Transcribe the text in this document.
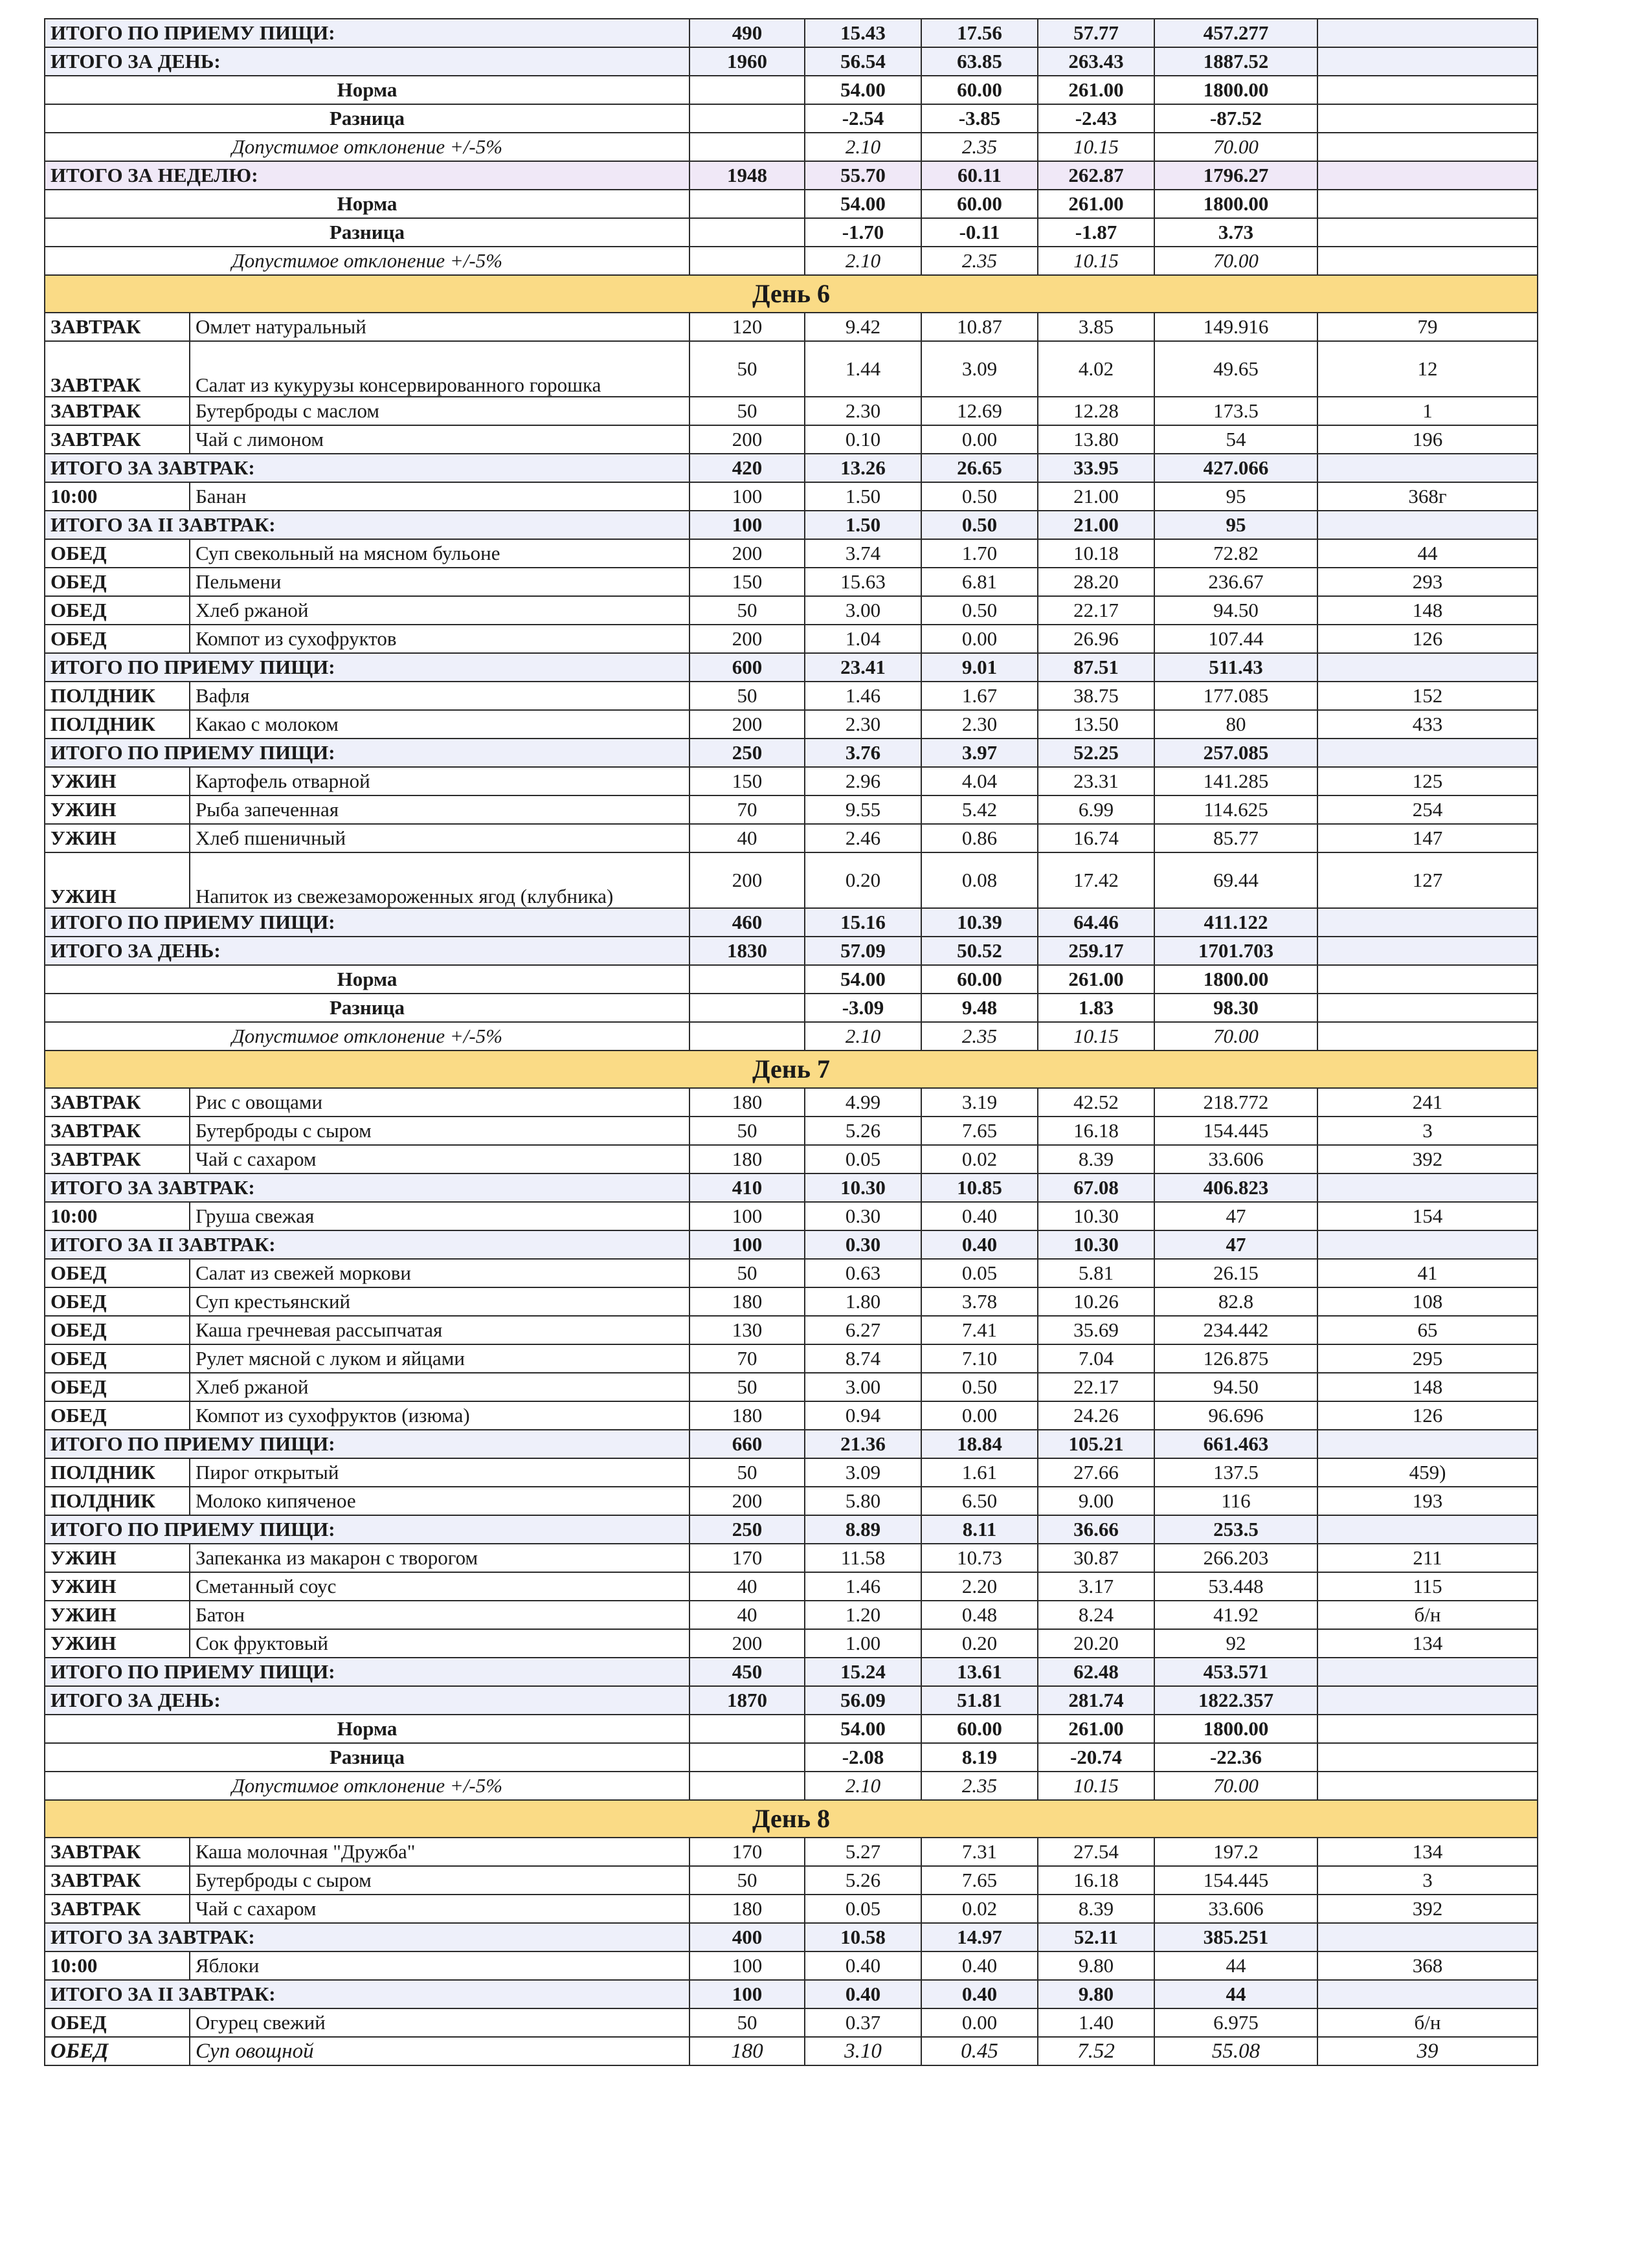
ИТОГО ПО ПРИЕМУ ПИЩИ:		490	15.43	17.56	57.77	457.277	
ИТОГО ЗА ДЕНЬ:		1960	56.54	63.85	263.43	1887.52	
Норма			54.00	60.00	261.00	1800.00	
Разница			-2.54	-3.85	-2.43	-87.52	
Допустимое отклонение +/-5%			2.10	2.35	10.15	70.00	
ИТОГО ЗА НЕДЕЛЮ:		1948	55.70	60.11	262.87	1796.27	
Норма			54.00	60.00	261.00	1800.00	
Разница			-1.70	-0.11	-1.87	3.73	
Допустимое отклонение +/-5%			2.10	2.35	10.15	70.00	
День 6							
ЗАВТРАК	Омлет натуральный	120	9.42	10.87	3.85	149.916	79
ЗАВТРАК	Салат из кукурузы консервированного горошка	50	1.44	3.09	4.02	49.65	12
ЗАВТРАК	Бутерброды с маслом	50	2.30	12.69	12.28	173.5	1
ЗАВТРАК	Чай с лимоном	200	0.10	0.00	13.80	54	196
ИТОГО ЗА ЗАВТРАК:		420	13.26	26.65	33.95	427.066	
10:00	Банан	100	1.50	0.50	21.00	95	368г
ИТОГО ЗА II ЗАВТРАК:		100	1.50	0.50	21.00	95	
ОБЕД	Суп свекольный на мясном бульоне	200	3.74	1.70	10.18	72.82	44
ОБЕД	Пельмени	150	15.63	6.81	28.20	236.67	293
ОБЕД	Хлеб ржаной	50	3.00	0.50	22.17	94.50	148
ОБЕД	Компот из сухофруктов	200	1.04	0.00	26.96	107.44	126
ИТОГО ПО ПРИЕМУ ПИЩИ:		600	23.41	9.01	87.51	511.43	
ПОЛДНИК	Вафля	50	1.46	1.67	38.75	177.085	152
ПОЛДНИК	Какао с молоком	200	2.30	2.30	13.50	80	433
ИТОГО ПО ПРИЕМУ ПИЩИ:		250	3.76	3.97	52.25	257.085	
УЖИН	Картофель отварной	150	2.96	4.04	23.31	141.285	125
УЖИН	Рыба запеченная	70	9.55	5.42	6.99	114.625	254
УЖИН	Хлеб пшеничный	40	2.46	0.86	16.74	85.77	147
УЖИН	Напиток из свежезамороженных ягод (клубника)	200	0.20	0.08	17.42	69.44	127
ИТОГО ПО ПРИЕМУ ПИЩИ:		460	15.16	10.39	64.46	411.122	
ИТОГО ЗА ДЕНЬ:		1830	57.09	50.52	259.17	1701.703	
Норма			54.00	60.00	261.00	1800.00	
Разница			-3.09	9.48	1.83	98.30	
Допустимое отклонение +/-5%			2.10	2.35	10.15	70.00	
День 7							
ЗАВТРАК	Рис с овощами	180	4.99	3.19	42.52	218.772	241
ЗАВТРАК	Бутерброды с сыром	50	5.26	7.65	16.18	154.445	3
ЗАВТРАК	Чай с сахаром	180	0.05	0.02	8.39	33.606	392
ИТОГО ЗА ЗАВТРАК:		410	10.30	10.85	67.08	406.823	
10:00	Груша свежая	100	0.30	0.40	10.30	47	154
ИТОГО ЗА II ЗАВТРАК:		100	0.30	0.40	10.30	47	
ОБЕД	Салат из свежей моркови	50	0.63	0.05	5.81	26.15	41
ОБЕД	Суп крестьянский	180	1.80	3.78	10.26	82.8	108
ОБЕД	Каша гречневая рассыпчатая	130	6.27	7.41	35.69	234.442	65
ОБЕД	Рулет мясной с луком и яйцами	70	8.74	7.10	7.04	126.875	295
ОБЕД	Хлеб ржаной	50	3.00	0.50	22.17	94.50	148
ОБЕД	Компот из сухофруктов (изюма)	180	0.94	0.00	24.26	96.696	126
ИТОГО ПО ПРИЕМУ ПИЩИ:		660	21.36	18.84	105.21	661.463	
ПОЛДНИК	Пирог открытый	50	3.09	1.61	27.66	137.5	459)
ПОЛДНИК	Молоко кипяченое	200	5.80	6.50	9.00	116	193
ИТОГО ПО ПРИЕМУ ПИЩИ:		250	8.89	8.11	36.66	253.5	
УЖИН	Запеканка из макарон с творогом	170	11.58	10.73	30.87	266.203	211
УЖИН	Сметанный соус	40	1.46	2.20	3.17	53.448	115
УЖИН	Батон	40	1.20	0.48	8.24	41.92	б/н
УЖИН	Сок фруктовый	200	1.00	0.20	20.20	92	134
ИТОГО ПО ПРИЕМУ ПИЩИ:		450	15.24	13.61	62.48	453.571	
ИТОГО ЗА ДЕНЬ:		1870	56.09	51.81	281.74	1822.357	
Норма			54.00	60.00	261.00	1800.00	
Разница			-2.08	8.19	-20.74	-22.36	
Допустимое отклонение +/-5%			2.10	2.35	10.15	70.00	
День 8							
ЗАВТРАК	Каша молочная "Дружба"	170	5.27	7.31	27.54	197.2	134
ЗАВТРАК	Бутерброды с сыром	50	5.26	7.65	16.18	154.445	3
ЗАВТРАК	Чай с сахаром	180	0.05	0.02	8.39	33.606	392
ИТОГО ЗА ЗАВТРАК:		400	10.58	14.97	52.11	385.251	
10:00	Яблоки	100	0.40	0.40	9.80	44	368
ИТОГО ЗА II ЗАВТРАК:		100	0.40	0.40	9.80	44	
ОБЕД	Огурец свежий	50	0.37	0.00	1.40	6.975	б/н
ОБЕД	Суп овощной	180	3.10	0.45	7.52	55.08	39
